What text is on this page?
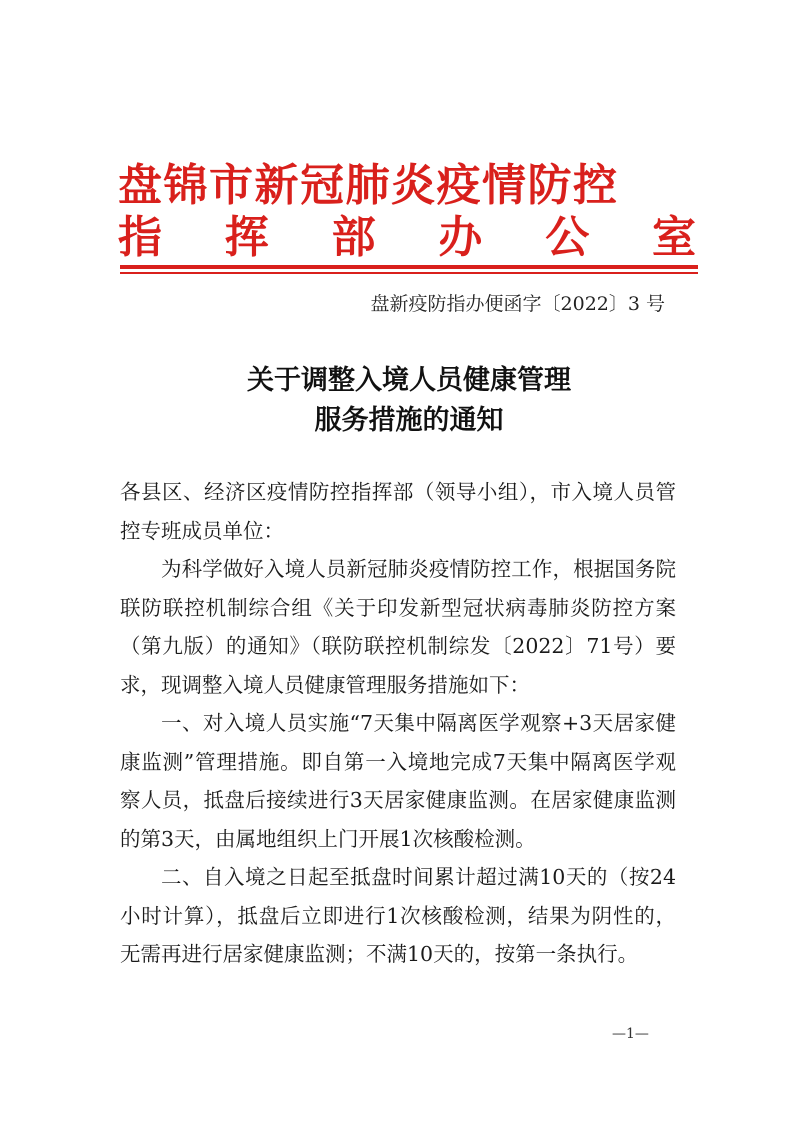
盘锦市新冠肺炎疫情防控
指 挥 部 办 公 室
盘新疫防指办便函字〔2022〕3 号
关于调整入境人员健康管理
服务措施的通知

各县区、经济区疫情防控指挥部（领导小组），市入境人员管控专班成员单位：

为科学做好入境人员新冠肺炎疫情防控工作，根据国务院联防联控机制综合组《关于印发新型冠状病毒肺炎防控方案（第九版）的通知》（联防联控机制综发〔2022〕71号）要求，现调整入境人员健康管理服务措施如下：

一、对入境人员实施“7天集中隔离医学观察+3天居家健康监测”管理措施。即自第一入境地完成7天集中隔离医学观察人员，抵盘后接续进行3天居家健康监测。在居家健康监测的第3天，由属地组织上门开展1次核酸检测。

二、自入境之日起至抵盘时间累计超过满10天的（按24小时计算），抵盘后立即进行1次核酸检测，结果为阴性的，无需再进行居家健康监测；不满10天的，按第一条执行。

—1—
